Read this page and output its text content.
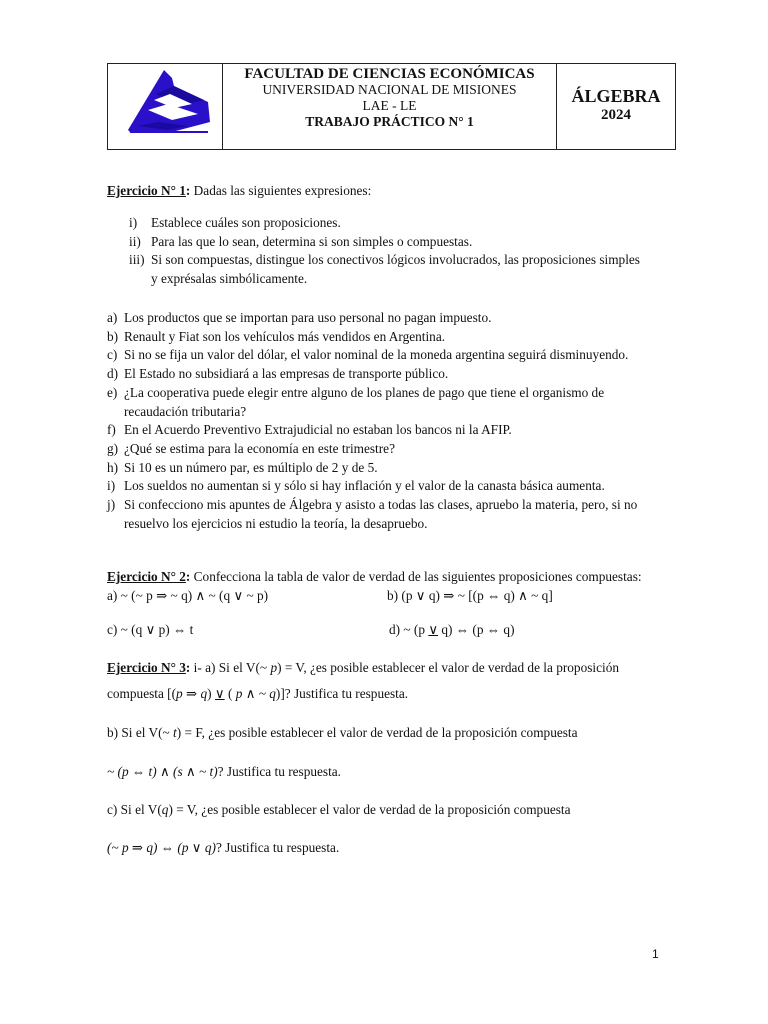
FACULTAD DE CIENCIAS ECONÓMICAS
UNIVERSIDAD NACIONAL DE MISIONES
LAE - LE
TRABAJO PRÁCTICO N° 1
ÁLGEBRA
2024
Ejercicio N° 1: Dadas las siguientes expresiones:
i) Establece cuáles son proposiciones.
ii) Para las que lo sean, determina si son simples o compuestas.
iii) Si son compuestas, distingue los conectivos lógicos involucrados, las proposiciones simples
y exprésalas simbólicamente.
a) Los productos que se importan para uso personal no pagan impuesto.
b) Renault y Fiat son los vehículos más vendidos en Argentina.
c) Si no se fija un valor del dólar, el valor nominal de la moneda argentina seguirá disminuyendo.
d) El Estado no subsidiará a las empresas de transporte público.
e) ¿La cooperativa puede elegir entre alguno de los planes de pago que tiene el organismo de
recaudación tributaria?
f) En el Acuerdo Preventivo Extrajudicial no estaban los bancos ni la AFIP.
g) ¿Qué se estima para la economía en este trimestre?
h) Si 10 es un número par, es múltiplo de 2 y de 5.
i) Los sueldos no aumentan si y sólo si hay inflación y el valor de la canasta básica aumenta.
j) Si confecciono mis apuntes de Álgebra y asisto a todas las clases, apruebo la materia, pero, si no
resuelvo los ejercicios ni estudio la teoría, la desapruebo.
Ejercicio N° 2: Confecciona la tabla de valor de verdad de las siguientes proposiciones compuestas:
a) ~ (~ p ⇒ ~ q) ∧ ~ (q ∨ ~ p)	b) (p ∨ q) ⇒ ~ [(p ⇔ q) ∧ ~ q]
c) ~ (q ∨ p) ⇔ t	d) ~ (p ∨ q) ⇔ (p ⇔ q)
Ejercicio N° 3: i- a) Si el V(~ p) = V, ¿es posible establecer el valor de verdad de la proposición
compuesta [(p ⇒ q) ∨ ( p ∧ ~ q)]? Justifica tu respuesta.
b) Si el V(~ t) = F, ¿es posible establecer el valor de verdad de la proposición compuesta
~ (p ⇔ t) ∧ (s ∧ ~ t)? Justifica tu respuesta.
c) Si el V(q) = V, ¿es posible establecer el valor de verdad de la proposición compuesta
(~ p ⇒ q) ⇔ (p ∨ q)? Justifica tu respuesta.
1
